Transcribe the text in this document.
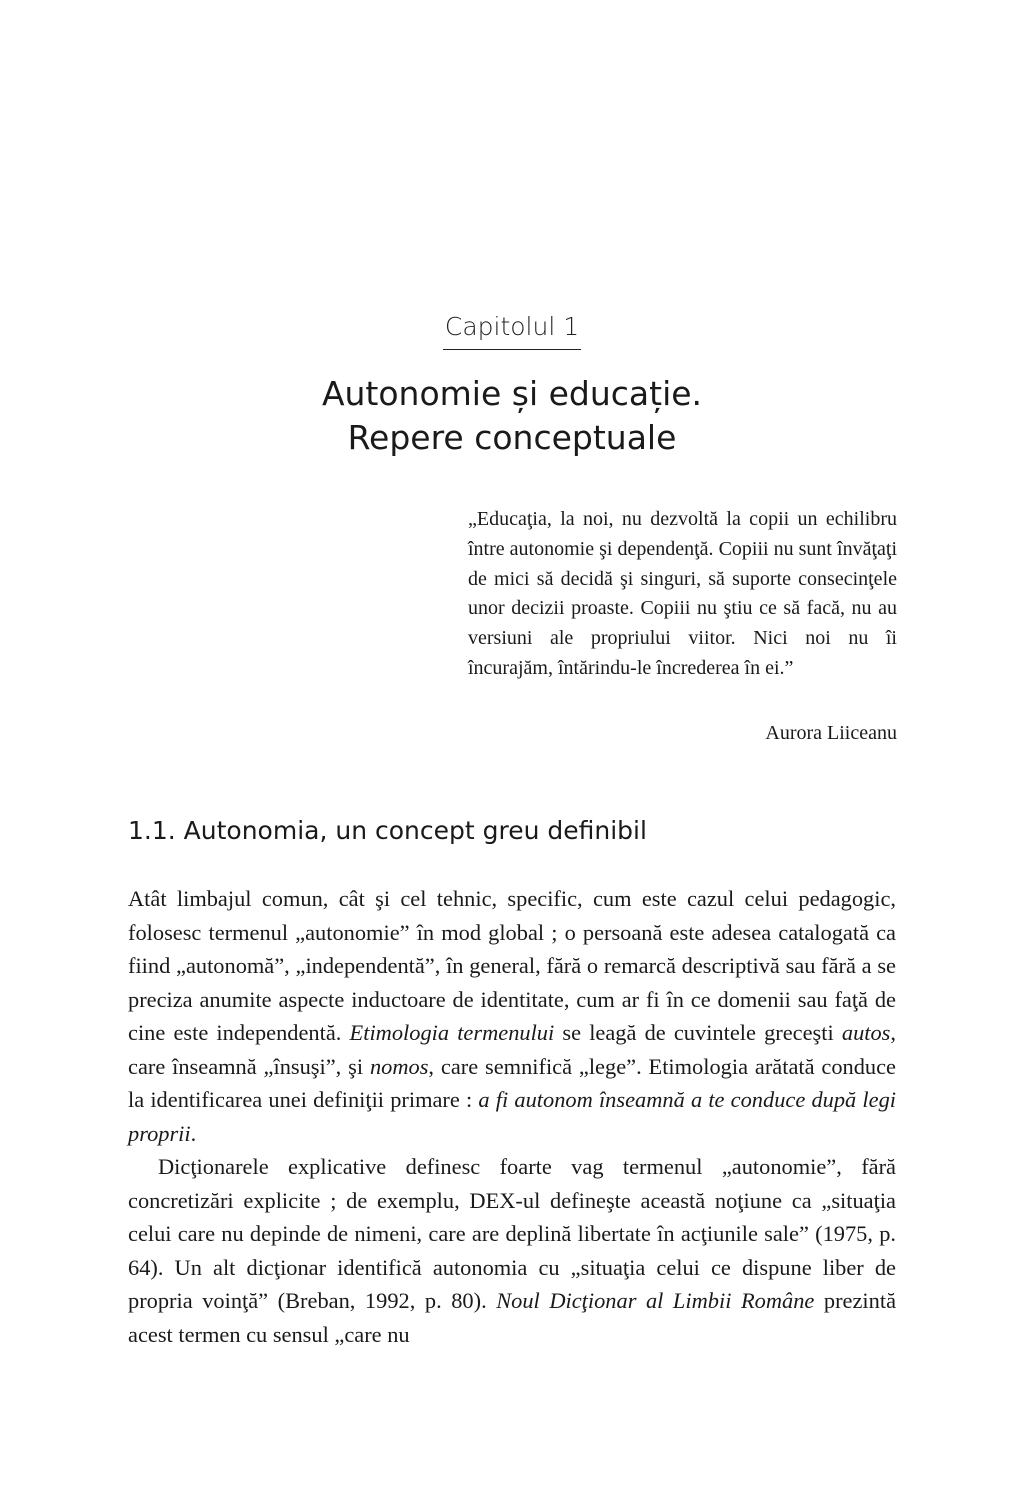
Capitolul 1
Autonomie și educație.
Repere conceptuale
„Educaţia, la noi, nu dezvoltă la copii un echilibru între autonomie şi dependenţă. Copiii nu sunt învăţaţi de mici să decidă şi singuri, să suporte consecinţele unor decizii proaste. Copiii nu ştiu ce să facă, nu au versiuni ale propriului viitor. Nici noi nu îi încurajăm, întărindu-le încrederea în ei.”
Aurora Liiceanu
1.1. Autonomia, un concept greu definibil

Atât limbajul comun, cât şi cel tehnic, specific, cum este cazul celui pedagogic, folosesc termenul „autonomie” în mod global ; o persoană este adesea catalogată ca fiind „autonomă”, „independentă”, în general, fără o remarcă descriptivă sau fără a se preciza anumite aspecte inductoare de identitate, cum ar fi în ce domenii sau faţă de cine este independentă. Etimologia termenului se leagă de cuvintele greceşti autos, care înseamnă „însuşi”, şi nomos, care semnifică „lege”. Etimologia arătată conduce la identificarea unei definiţii primare : a fi autonom înseamnă a te conduce după legi proprii.

Dicţionarele explicative definesc foarte vag termenul „autonomie”, fără concretizări explicite ; de exemplu, DEX-ul defineşte această noţiune ca „situaţia celui care nu depinde de nimeni, care are deplină libertate în acţiunile sale” (1975, p. 64). Un alt dicţionar identifică autonomia cu „situaţia celui ce dispune liber de propria voinţă” (Breban, 1992, p. 80). Noul Dicţionar al Limbii Române prezintă acest termen cu sensul „care nu
